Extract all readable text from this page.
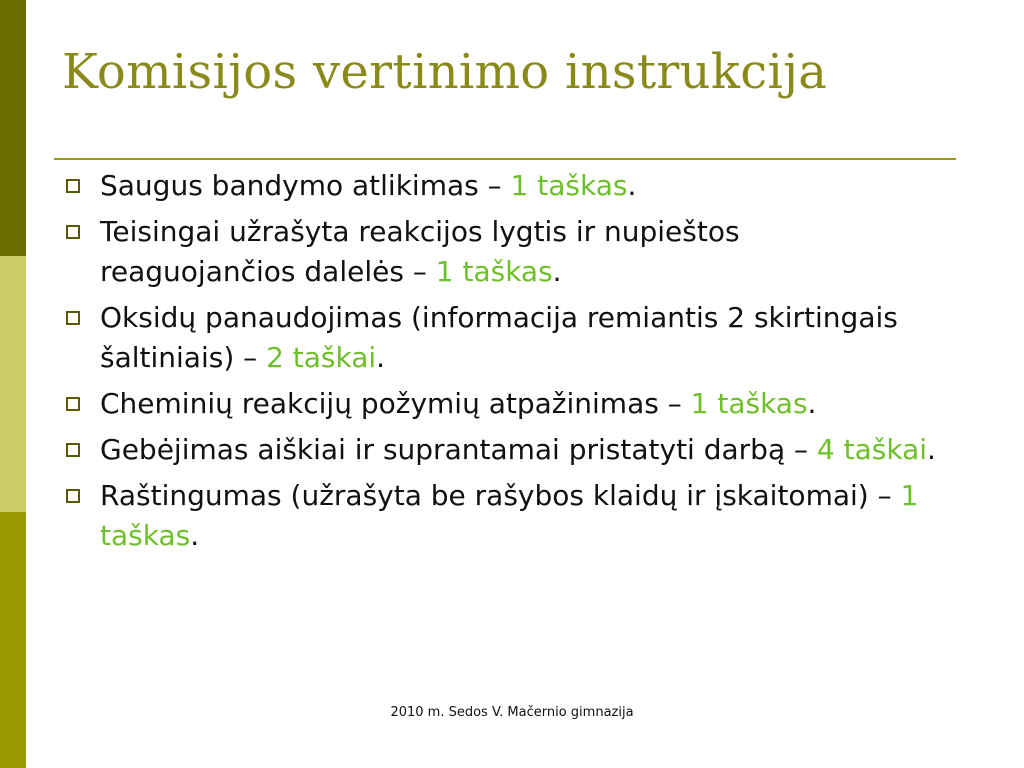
Komisijos vertinimo instrukcija
Saugus bandymo atlikimas – 1 taškas.
Teisingai užrašyta reakcijos lygtis ir nupieštos reaguojančios dalelės – 1 taškas.
Oksidų panaudojimas (informacija remiantis 2 skirtingais šaltiniais) – 2 taškai.
Cheminių reakcijų požymių atpažinimas – 1 taškas.
Gebėjimas aiškiai ir suprantamai pristatyti darbą – 4 taškai.
Raštingumas (užrašyta be rašybos klaidų ir įskaitomai) – 1 taškas.
2010 m. Sedos V. Mačernio gimnazija
